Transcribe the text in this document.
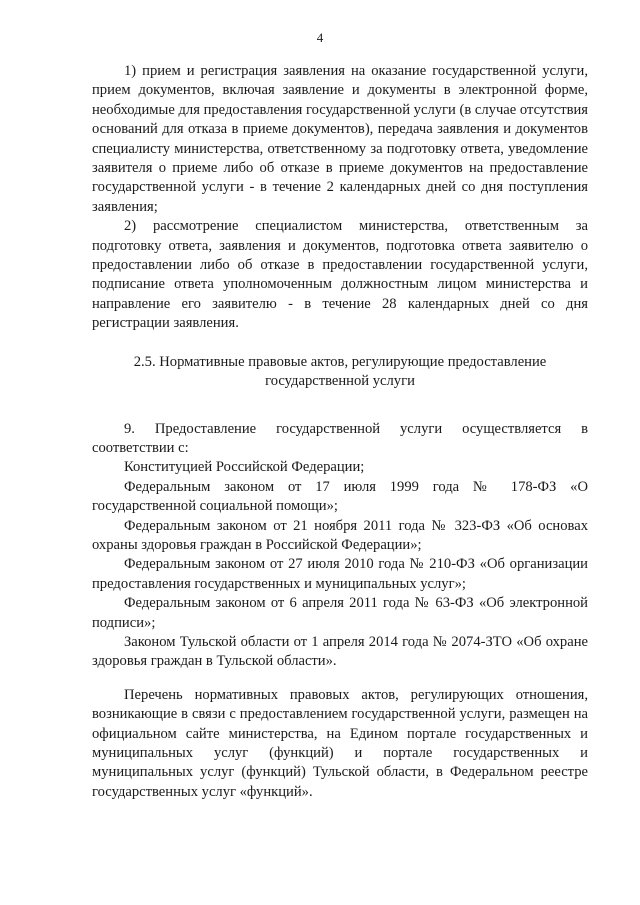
4

1) прием и регистрация заявления на оказание государственной услуги, прием документов, включая заявление и документы в электронной форме, необходимые для предоставления государственной услуги (в случае отсутствия оснований для отказа в приеме документов), передача заявления и документов специалисту министерства, ответственному за подготовку ответа, уведомление заявителя о приеме либо об отказе в приеме документов на предоставление государственной услуги - в течение 2 календарных дней со дня поступления заявления;

2) рассмотрение специалистом министерства, ответственным за подготовку ответа, заявления и документов, подготовка ответа заявителю о предоставлении либо об отказе в предоставлении государственной услуги, подписание ответа уполномоченным должностным лицом министерства и направление его заявителю - в течение 28 календарных дней со дня регистрации заявления.

2.5. Нормативные правовые актов, регулирующие предоставление
государственной услуги

9. Предоставление государственной услуги осуществляется в соответствии с:

Конституцией Российской Федерации;

Федеральным законом от 17 июля 1999 года № 178-ФЗ «О государственной социальной помощи»;

Федеральным законом от 21 ноября 2011 года № 323-ФЗ «Об основах охраны здоровья граждан в Российской Федерации»;

Федеральным законом от 27 июля 2010 года № 210-ФЗ «Об организации предоставления государственных и муниципальных услуг»;

Федеральным законом от 6 апреля 2011 года № 63-ФЗ «Об электронной подписи»;

Законом Тульской области от 1 апреля 2014 года № 2074-ЗТО «Об охране здоровья граждан в Тульской области».

Перечень нормативных правовых актов, регулирующих отношения, возникающие в связи с предоставлением государственной услуги, размещен на официальном сайте министерства, на Едином портале государственных и муниципальных услуг (функций) и портале государственных и муниципальных услуг (функций) Тульской области, в Федеральном реестре государственных услуг «функций».
